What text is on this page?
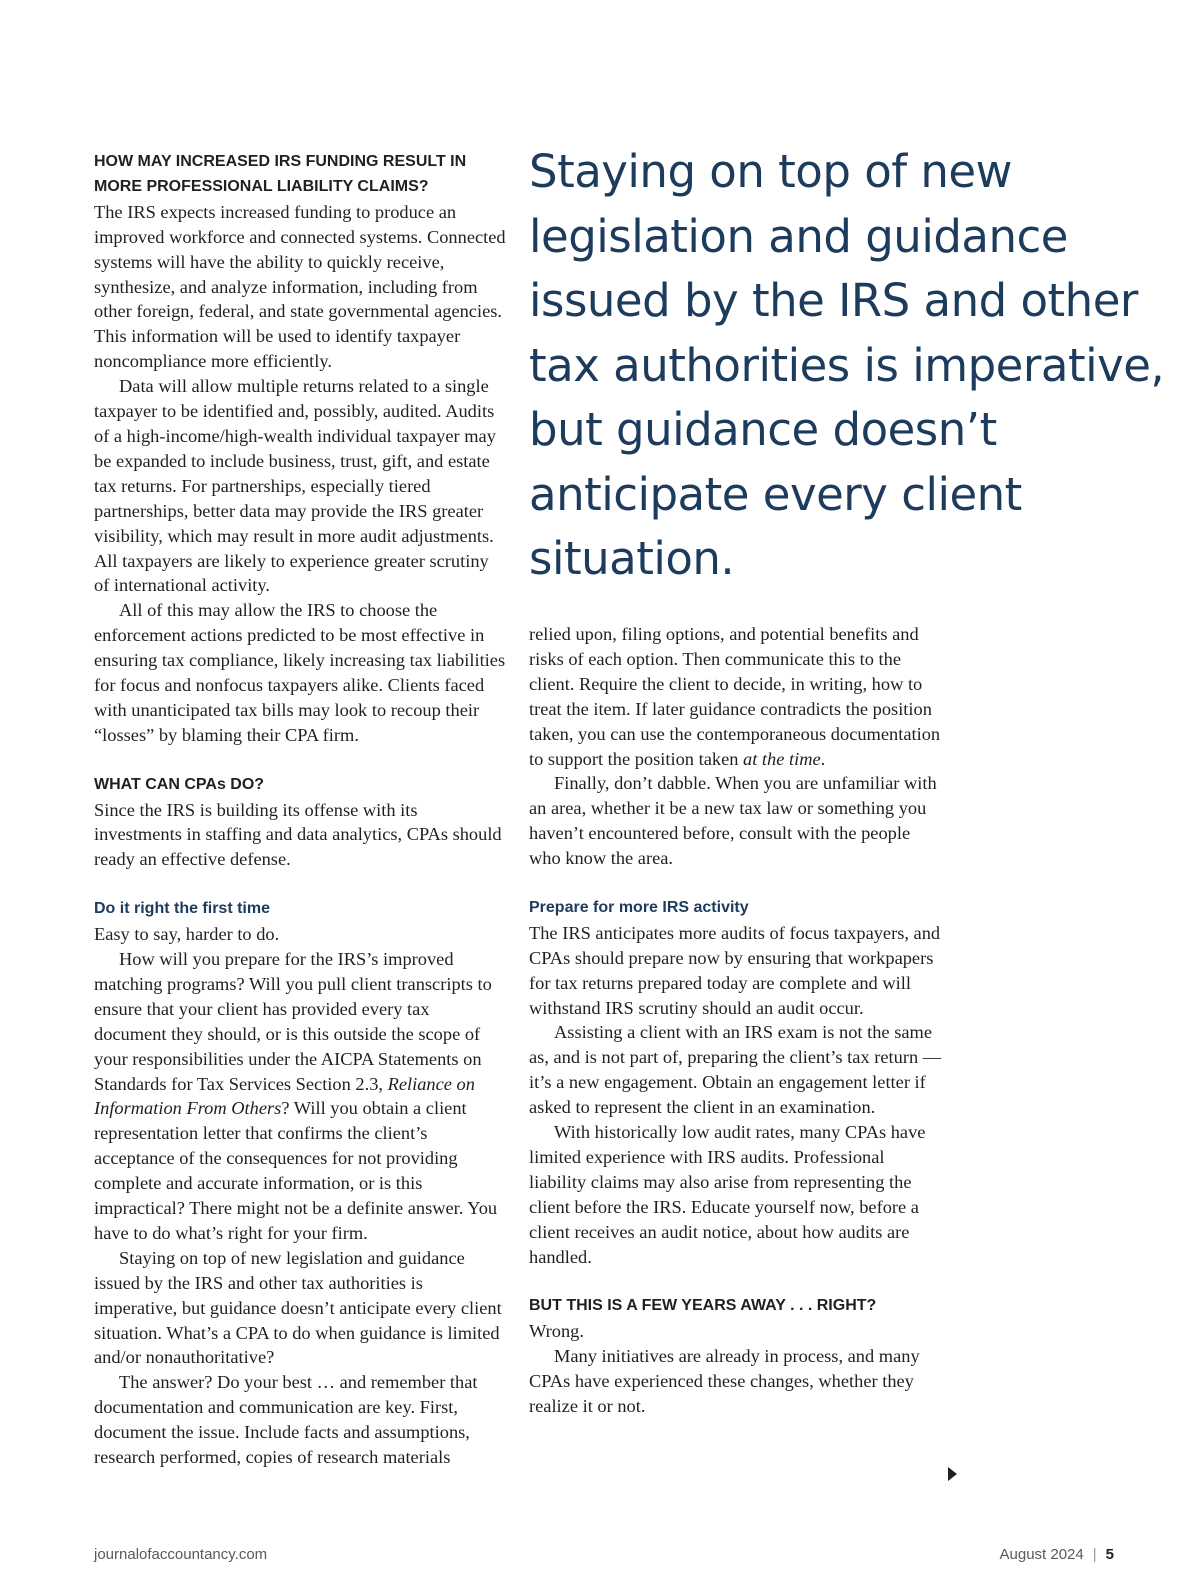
HOW MAY INCREASED IRS FUNDING RESULT IN
MORE PROFESSIONAL LIABILITY CLAIMS?

The IRS expects increased funding to produce an improved workforce and connected systems. Connected systems will have the ability to quickly receive, synthesize, and analyze information, including from other foreign, federal, and state governmental agencies. This information will be used to identify taxpayer noncompliance more efficiently.

Data will allow multiple returns related to a single taxpayer to be identified and, possibly, audited. Audits of a high-income/high-wealth individual taxpayer may be expanded to include business, trust, gift, and estate tax returns. For partnerships, especially tiered partnerships, better data may provide the IRS greater visibility, which may result in more audit adjustments. All taxpayers are likely to experience greater scrutiny of international activity.

All of this may allow the IRS to choose the enforcement actions predicted to be most effective in ensuring tax compliance, likely increasing tax liabilities for focus and nonfocus taxpayers alike. Clients faced with unanticipated tax bills may look to recoup their “losses” by blaming their CPA firm.

WHAT CAN CPAs DO?

Since the IRS is building its offense with its investments in staffing and data analytics, CPAs should ready an effective defense.

Do it right the first time

Easy to say, harder to do.

How will you prepare for the IRS’s improved matching programs? Will you pull client transcripts to ensure that your client has provided every tax document they should, or is this outside the scope of your responsibilities under the AICPA Statements on Standards for Tax Services Section 2.3, Reliance on Information From Others? Will you obtain a client representation letter that confirms the client’s acceptance of the consequences for not providing complete and accurate information, or is this impractical? There might not be a definite answer. You have to do what’s right for your firm.

Staying on top of new legislation and guidance issued by the IRS and other tax authorities is imperative, but guidance doesn’t anticipate every client situation. What’s a CPA to do when guidance is limited and/or nonauthoritative?

The answer? Do your best … and remember that documentation and communication are key. First, document the issue. Include facts and assumptions, research performed, copies of research materials

Staying on top of new legislation and guidance issued by the IRS and other tax authorities is imperative, but guidance doesn’t anticipate every client situation.

relied upon, filing options, and potential benefits and risks of each option. Then communicate this to the client. Require the client to decide, in writing, how to treat the item. If later guidance contradicts the position taken, you can use the contemporaneous documentation to support the position taken at the time.

Finally, don’t dabble. When you are unfamiliar with an area, whether it be a new tax law or something you haven’t encountered before, consult with the people who know the area.

Prepare for more IRS activity

The IRS anticipates more audits of focus taxpayers, and CPAs should prepare now by ensuring that workpapers for tax returns prepared today are complete and will withstand IRS scrutiny should an audit occur.

Assisting a client with an IRS exam is not the same as, and is not part of, preparing the client’s tax return — it’s a new engagement. Obtain an engagement letter if asked to represent the client in an examination.

With historically low audit rates, many CPAs have limited experience with IRS audits. Professional liability claims may also arise from representing the client before the IRS. Educate yourself now, before a client receives an audit notice, about how audits are handled.

BUT THIS IS A FEW YEARS AWAY . . . RIGHT?

Wrong.

Many initiatives are already in process, and many CPAs have experienced these changes, whether they realize it or not.

journalofaccountancy.com	August 2024 | 5
